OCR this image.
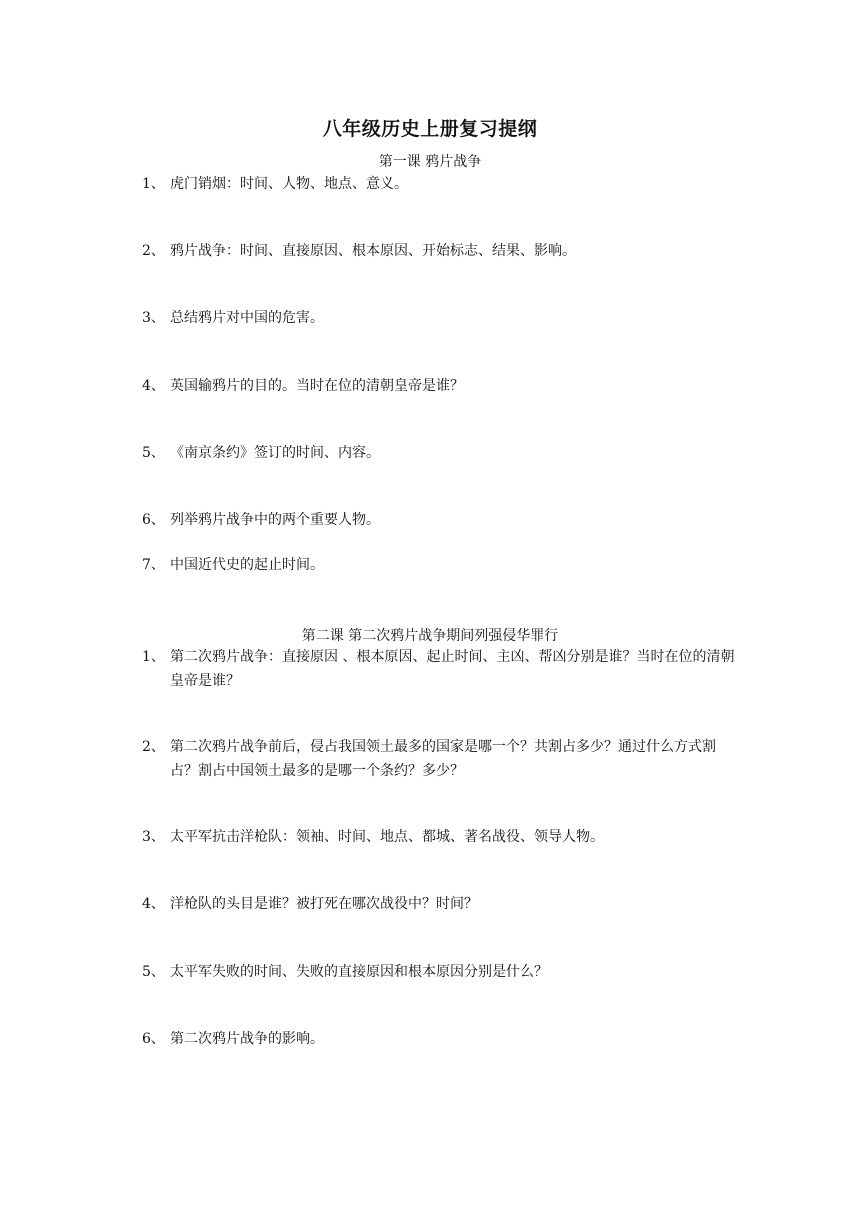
八年级历史上册复习提纲
第一课 鸦片战争
1、 虎门销烟：时间、人物、地点、意义。
2、 鸦片战争：时间、直接原因、根本原因、开始标志、结果、影响。
3、 总结鸦片对中国的危害。
4、 英国输鸦片的目的。当时在位的清朝皇帝是谁？
5、 《南京条约》签订的时间、内容。
6、 列举鸦片战争中的两个重要人物。
7、 中国近代史的起止时间。
第二课 第二次鸦片战争期间列强侵华罪行
1、 第二次鸦片战争：直接原因 、根本原因、起止时间、主凶、帮凶分别是谁？当时在位的清朝皇帝是谁？
2、 第二次鸦片战争前后，侵占我国领土最多的国家是哪一个？共割占多少？通过什么方式割占？割占中国领土最多的是哪一个条约？多少？
3、 太平军抗击洋枪队：领袖、时间、地点、都城、著名战役、领导人物。
4、 洋枪队的头目是谁？被打死在哪次战役中？时间？
5、 太平军失败的时间、失败的直接原因和根本原因分别是什么？
6、 第二次鸦片战争的影响。
